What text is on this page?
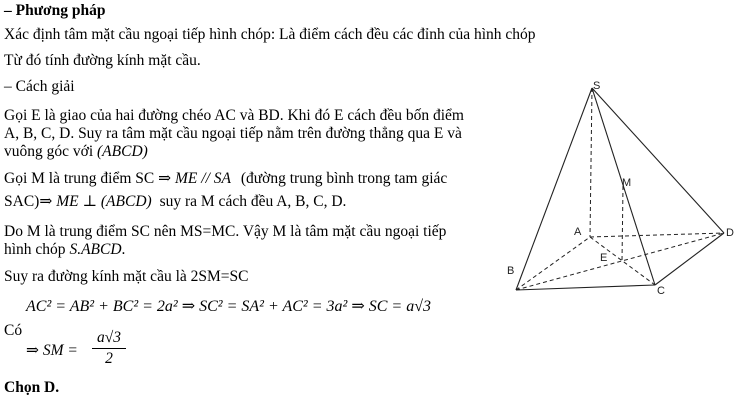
– Phương pháp
Xác định tâm mặt cầu ngoại tiếp hình chóp: Là điểm cách đều các đỉnh của hình chóp
Từ đó tính đường kính mặt cầu.
– Cách giải
Gọi E là giao của hai đường chéo AC và BD. Khi đó E cách đều bốn điểm
A, B, C, D. Suy ra tâm mặt cầu ngoại tiếp nằm trên đường thẳng qua E và
vuông góc với (ABCD)
Gọi M là trung điểm SC ⇒ ME // SA (đường trung bình trong tam giác
SAC)⇒ ME ⊥ (ABCD) suy ra M cách đều A, B, C, D.
Do M là trung điểm SC nên MS=MC. Vậy M là tâm mặt cầu ngoại tiếp
hình chóp S.ABCD.
Suy ra đường kính mặt cầu là 2SM=SC
AC² = AB² + BC² = 2a² ⇒ SC² = SA² + AC² = 3a² ⇒ SC = a√3
Có
⇒ SM =
a√3
2
Chọn D.
S
M
A	D
E
B
C
